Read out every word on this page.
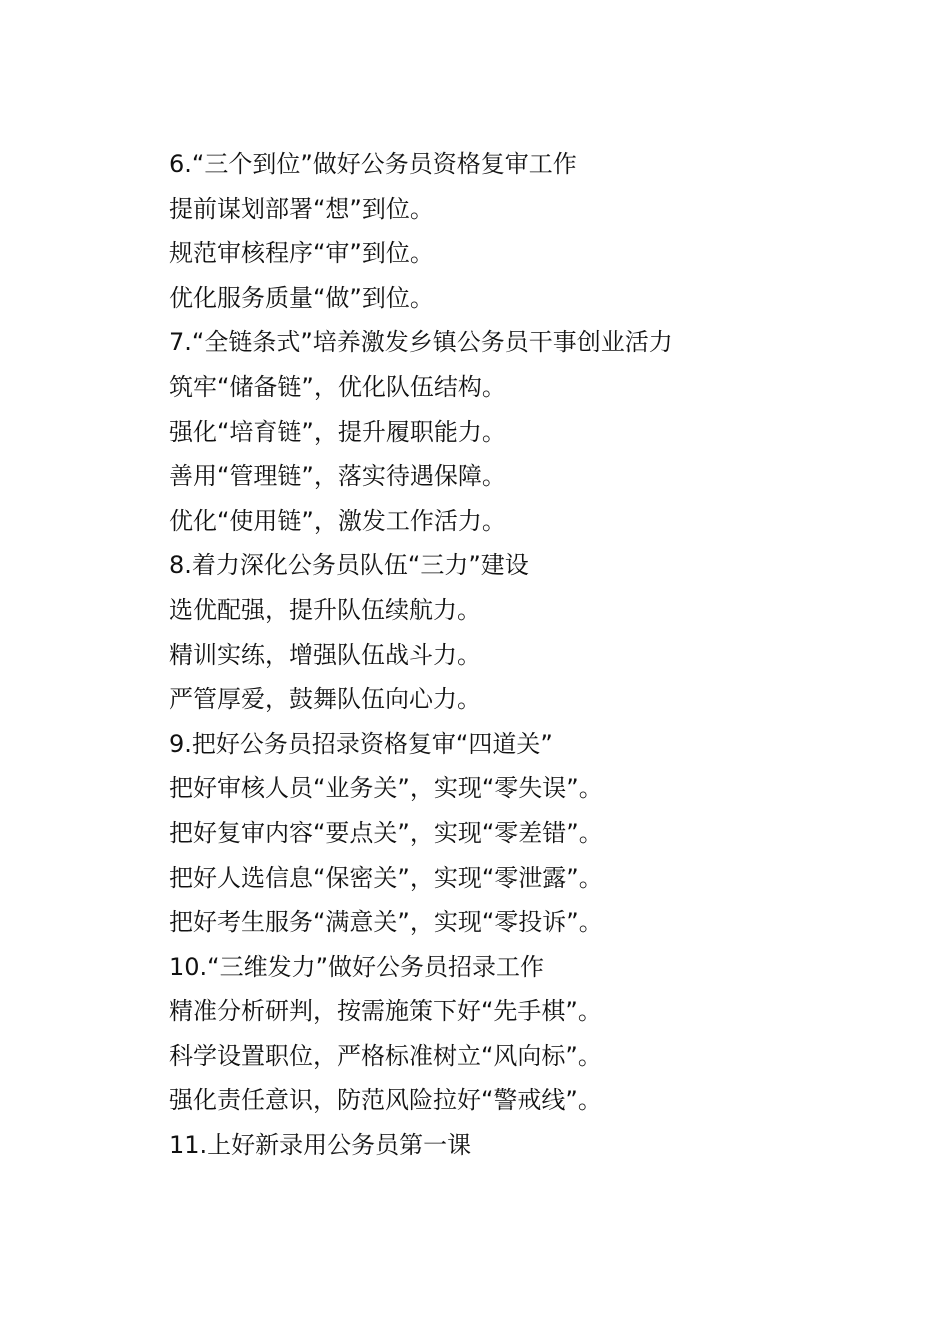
6.“三个到位”做好公务员资格复审工作
提前谋划部署“想”到位。
规范审核程序“审”到位。
优化服务质量“做”到位。
7.“全链条式”培养激发乡镇公务员干事创业活力
筑牢“储备链”，优化队伍结构。
强化“培育链”，提升履职能力。
善用“管理链”，落实待遇保障。
优化“使用链”，激发工作活力。
8.着力深化公务员队伍“三力”建设
选优配强，提升队伍续航力。
精训实练，增强队伍战斗力。
严管厚爱，鼓舞队伍向心力。
9.把好公务员招录资格复审“四道关”
把好审核人员“业务关”，实现“零失误”。
把好复审内容“要点关”，实现“零差错”。
把好人选信息“保密关”，实现“零泄露”。
把好考生服务“满意关”，实现“零投诉”。
10.“三维发力”做好公务员招录工作
精准分析研判，按需施策下好“先手棋”。
科学设置职位，严格标准树立“风向标”。
强化责任意识，防范风险拉好“警戒线”。
11.上好新录用公务员第一课
